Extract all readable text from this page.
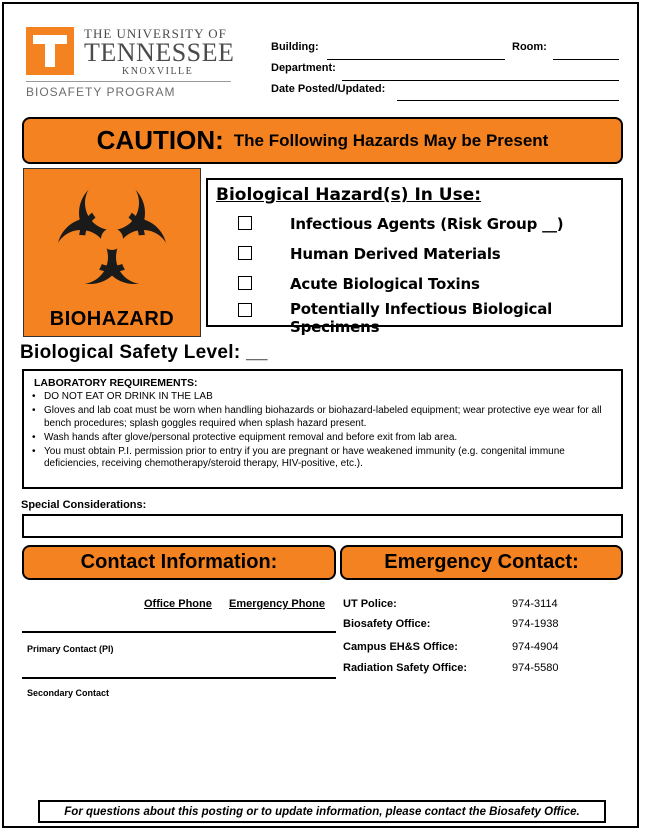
THE UNIVERSITY OF
TENNESSEE
KNOXVILLE
BIOSAFETY PROGRAM
Building:	Room:
Department:
Date Posted/Updated:
CAUTION: The Following Hazards May be Present
BIOHAZARD
Biological Hazard(s) In Use:
Infectious Agents (Risk Group __)
Human Derived Materials
Acute Biological Toxins
Potentially Infectious Biological Specimens
Biological Safety Level: __
LABORATORY REQUIREMENTS:
• DO NOT EAT OR DRINK IN THE LAB
• Gloves and lab coat must be worn when handling biohazards or biohazard-labeled equipment; wear protective eye wear for all bench procedures; splash goggles required when splash hazard present.
• Wash hands after glove/personal protective equipment removal and before exit from lab area.
• You must obtain P.I. permission prior to entry if you are pregnant or have weakened immunity (e.g. congenital immune deficiencies, receiving chemotherapy/steroid therapy, HIV-positive, etc.).
Special Considerations:
Contact Information:	Emergency Contact:
Office Phone Emergency Phone
Primary Contact (PI)
Secondary Contact
UT Police:	974-3114
Biosafety Office:	974-1938
Campus EH&S Office:	974-4904
Radiation Safety Office:	974-5580
For questions about this posting or to update information, please contact the Biosafety Office.
